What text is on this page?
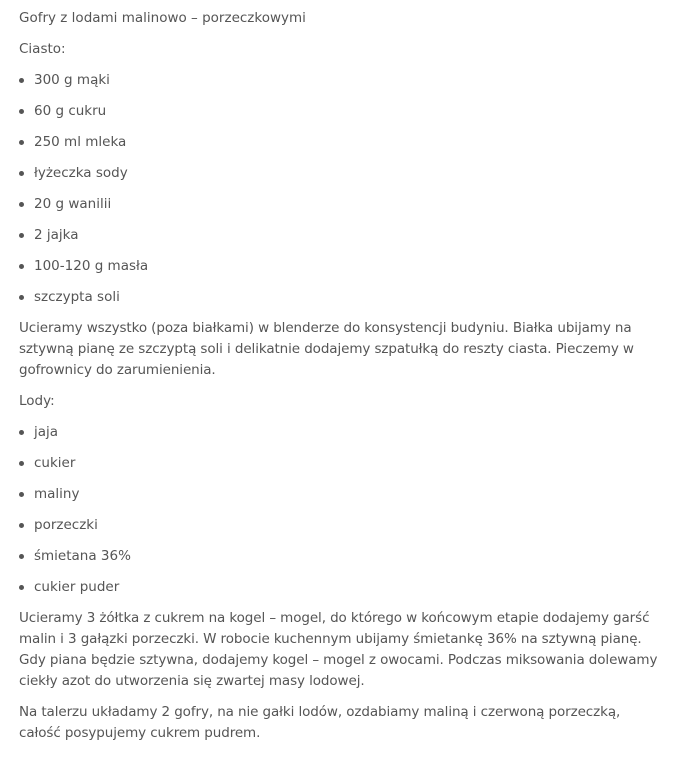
Gofry z lodami malinowo – porzeczkowymi

Ciasto:

300 g mąki
60 g cukru
250 ml mleka
łyżeczka sody
20 g wanilii
2 jajka
100-120 g masła
szczypta soli

Ucieramy wszystko (poza białkami) w blenderze do konsystencji budyniu. Białka ubijamy na sztywną pianę ze szczyptą soli i delikatnie dodajemy szpatułką do reszty ciasta. Pieczemy w gofrownicy do zarumienienia.

Lody:

jaja
cukier
maliny
porzeczki
śmietana 36%
cukier puder

Ucieramy 3 żółtka z cukrem na kogel – mogel, do którego w końcowym etapie dodajemy garść malin i 3 gałązki porzeczki. W robocie kuchennym ubijamy śmietankę 36% na sztywną pianę. Gdy piana będzie sztywna, dodajemy kogel – mogel z owocami. Podczas miksowania dolewamy ciekły azot do utworzenia się zwartej masy lodowej.

Na talerzu układamy 2 gofry, na nie gałki lodów, ozdabiamy maliną i czerwoną porzeczką, całość posypujemy cukrem pudrem.
